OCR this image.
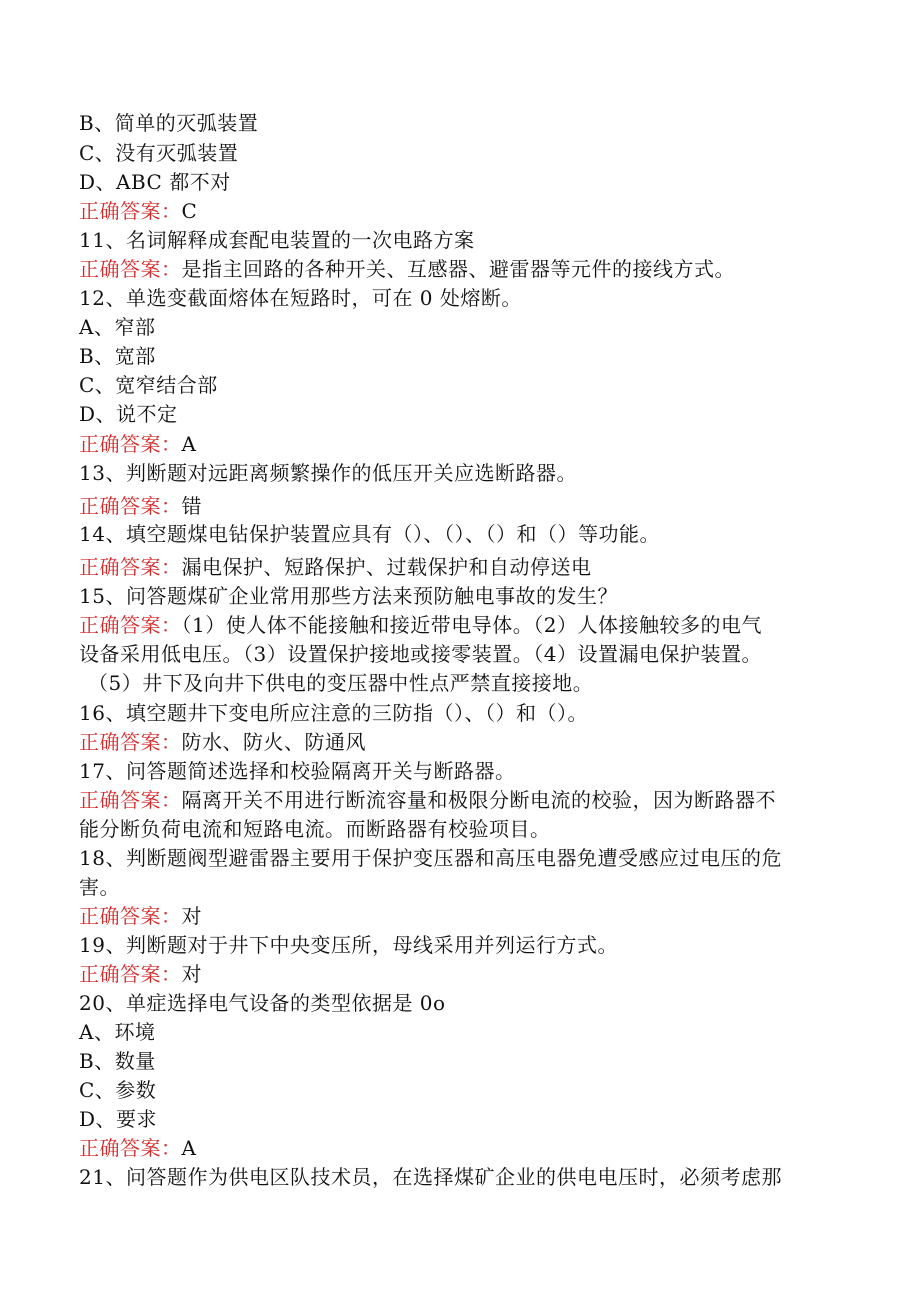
B、简单的灭弧装置
C、没有灭弧装置
D、ABC 都不对
正确答案：C
11、名词解释成套配电装置的一次电路方案
正确答案：是指主回路的各种开关、互感器、避雷器等元件的接线方式。
12、单选变截面熔体在短路时，可在 0 处熔断。
A、窄部
B、宽部
C、宽窄结合部
D、说不定
正确答案：A
13、判断题对远距离频繁操作的低压开关应选断路器。
正确答案：错
14、填空题煤电钻保护装置应具有（）、（）、（）和（）等功能。
正确答案：漏电保护、短路保护、过载保护和自动停送电
15、问答题煤矿企业常用那些方法来预防触电事故的发生？
正确答案：（1）使人体不能接触和接近带电导体。（2）人体接触较多的电气
设备采用低电压。（3）设置保护接地或接零装置。（4）设置漏电保护装置。
（5）井下及向井下供电的变压器中性点严禁直接接地。
16、填空题井下变电所应注意的三防指（）、（）和（）。
正确答案：防水、防火、防通风
17、问答题简述选择和校验隔离开关与断路器。
正确答案：隔离开关不用进行断流容量和极限分断电流的校验，因为断路器不
能分断负荷电流和短路电流。而断路器有校验项目。
18、判断题阀型避雷器主要用于保护变压器和高压电器免遭受感应过电压的危
害。
正确答案：对
19、判断题对于井下中央变压所，母线采用并列运行方式。
正确答案：对
20、单症选择电气设备的类型依据是 0o
A、环境
B、数量
C、参数
D、要求
正确答案：A
21、问答题作为供电区队技术员，在选择煤矿企业的供电电压时，必须考虑那
